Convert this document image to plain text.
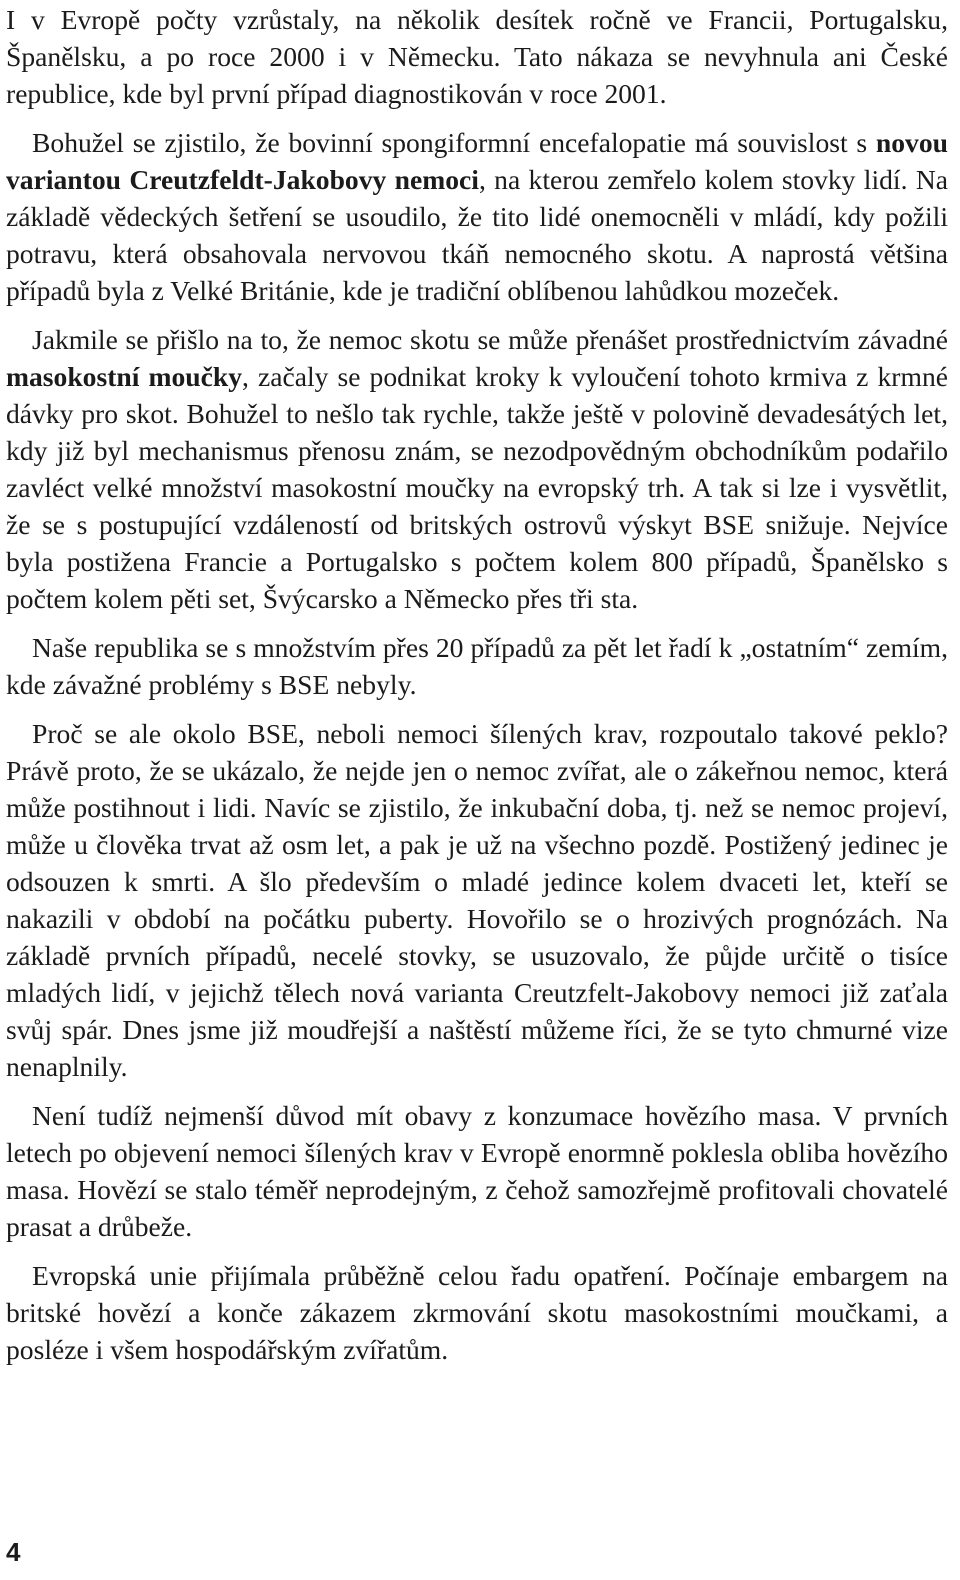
I v Evropě počty vzrůstaly, na několik desítek ročně ve Francii, Portugalsku, Španělsku, a po roce 2000 i v Německu. Tato nákaza se nevyhnula ani České republice, kde byl první případ diagnostikován v roce 2001.

Bohužel se zjistilo, že bovinní spongiformní encefalopatie má souvislost s novou variantou Creutzfeldt-Jakobovy nemoci, na kterou zemřelo kolem stovky lidí. Na základě vědeckých šetření se usoudilo, že tito lidé onemocněli v mládí, kdy požili potravu, která obsahovala nervovou tkáň nemocného skotu. A naprostá většina případů byla z Velké Británie, kde je tradiční oblíbenou lahůdkou mozeček.

Jakmile se přišlo na to, že nemoc skotu se může přenášet prostřednictvím závadné masokostní moučky, začaly se podnikat kroky k vyloučení tohoto krmiva z krmné dávky pro skot. Bohužel to nešlo tak rychle, takže ještě v polovině devadesátých let, kdy již byl mechanismus přenosu znám, se nezodpovědným obchodníkům podařilo zavléct velké množství masokostní moučky na evropský trh. A tak si lze i vysvětlit, že se s postupující vzdáleností od britských ostrovů výskyt BSE snižuje. Nejvíce byla postižena Francie a Portugalsko s počtem kolem 800 případů, Španělsko s počtem kolem pěti set, Švýcarsko a Německo přes tři sta.

Naše republika se s množstvím přes 20 případů za pět let řadí k „ostatním“ zemím, kde závažné problémy s BSE nebyly.

Proč se ale okolo BSE, neboli nemoci šílených krav, rozpoutalo takové peklo? Právě proto, že se ukázalo, že nejde jen o nemoc zvířat, ale o zákeřnou nemoc, která může postihnout i lidi. Navíc se zjistilo, že inkubační doba, tj. než se nemoc projeví, může u člověka trvat až osm let, a pak je už na všechno pozdě. Postižený jedinec je odsouzen k smrti. A šlo především o mladé jedince kolem dvaceti let, kteří se nakazili v období na počátku puberty. Hovořilo se o hrozivých prognózách. Na základě prvních případů, necelé stovky, se usuzovalo, že půjde určitě o tisíce mladých lidí, v jejichž tělech nová varianta Creutzfelt-Jakobovy nemoci již zaťala svůj spár. Dnes jsme již moudřejší a naštěstí můžeme říci, že se tyto chmurné vize nenaplnily.

Není tudíž nejmenší důvod mít obavy z konzumace hovězího masa. V prvních letech po objevení nemoci šílených krav v Evropě enormně poklesla obliba hovězího masa. Hovězí se stalo téměř neprodejným, z čehož samozřejmě profitovali chovatelé prasat a drůbeže.

Evropská unie přijímala průběžně celou řadu opatření. Počínaje embargem na britské hovězí a konče zákazem zkrmování skotu masokostními moučkami, a posléze i všem hospodářským zvířatům.

4
